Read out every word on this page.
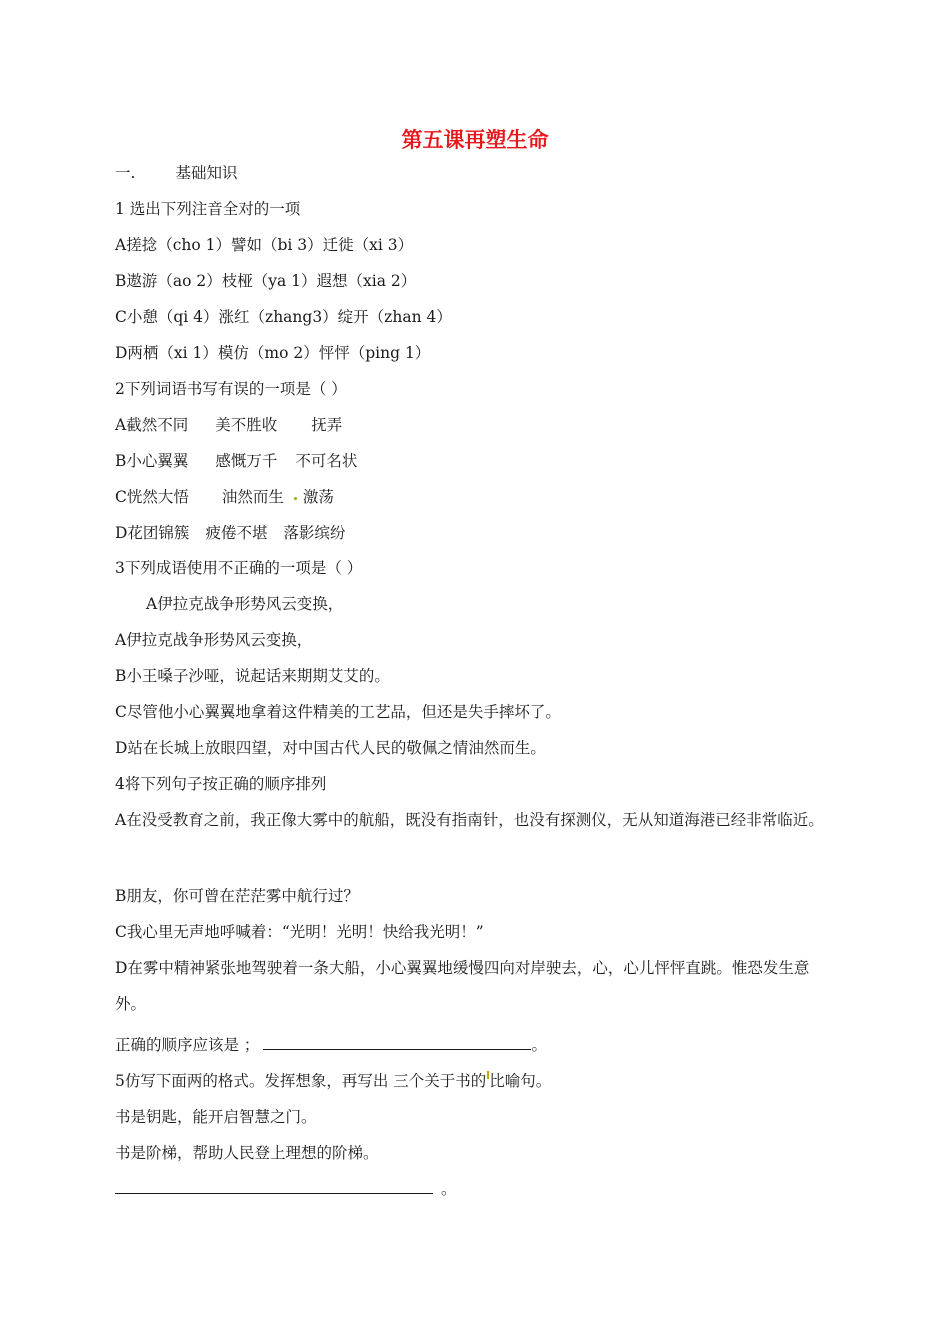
第五课再塑生命
一.	基础知识
1 选出下列注音全对的一项
A搓捻（cho 1）譬如（bi 3）迁徙（xi 3）
B遨游（ao 2）枝桠（ya 1）遐想（xia 2）
C小憩（qi 4）涨红（zhang3）绽开（zhan 4）
D两栖（xi 1）模仿（mo 2）怦怦（ping 1）
2下列词语书写有误的一项是（ ）
A截然不同 美不胜收 抚弄
B小心翼翼 感慨万千 不可名状
C恍然大悟 油然而生 激荡
D花团锦簇 疲倦不堪 落影缤纷
3下列成语使用不正确的一项是（ ）
A伊拉克战争形势风云变换，
A伊拉克战争形势风云变换，
B小王嗓子沙哑，说起话来期期艾艾的。
C尽管他小心翼翼地拿着这件精美的工艺品，但还是失手摔坏了。
D站在长城上放眼四望，对中国古代人民的敬佩之情油然而生。
4将下列句子按正确的顺序排列
A在没受教育之前，我正像大雾中的航船，既没有指南针，也没有探测仪，无从知道海港已经非常临近。
B朋友，你可曾在茫茫雾中航行过？
C我心里无声地呼喊着：“光明！光明！快给我光明！”
D在雾中精神紧张地驾驶着一条大船，小心翼翼地缓慢四向对岸驶去，心，心儿怦怦直跳。惟恐发生意外。
正确的顺序应该是 ；	。
5仿写下面两的格式。发挥想象，再写出 三个关于书的 比喻句。
书是钥匙，能开启智慧之门。
书是阶梯，帮助人民登上理想的阶梯。
。
